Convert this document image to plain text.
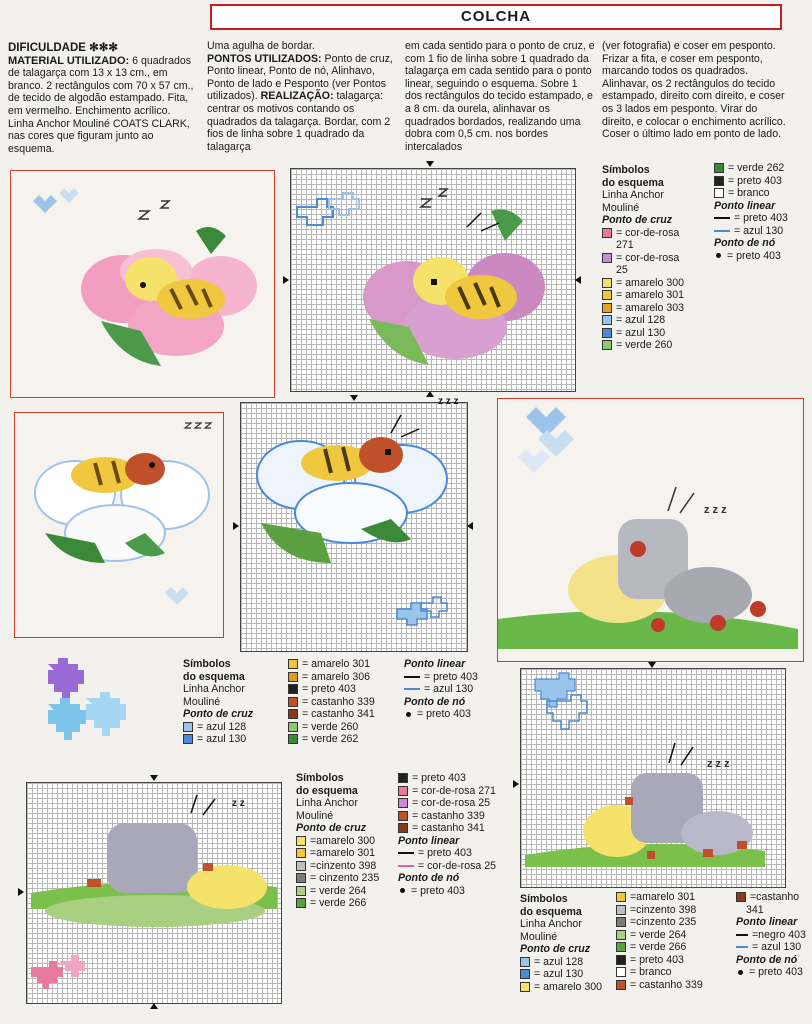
COLCHA
DIFICULDADE ✻✻✻
MATERIAL UTILIZADO: 6 quadrados de talagarça com 13 x 13 cm., em branco. 2 rectângulos com 70 x 57 cm., de tecido de algodão estampado. Fita, em vermelho. Enchimento acrílico. Linha Anchor Mouliné COATS CLARK, nas cores que figuram junto ao esquema.
Uma agulha de bordar.
PONTOS UTILIZADOS: Ponto de cruz, Ponto linear, Ponto de nó, Alinhavo, Ponto de lado e Pesponto (ver Pontos utilizados). REALIZAÇÃO: talagarça: centrar os motivos contando os quadrados da talagarça. Bordar, com 2 fios de linha sobre 1 quadrado da talagarça
em cada sentido para o ponto de cruz, e com 1 fio de linha sobre 1 quadrado da talagarça em cada sentido para o ponto linear, seguindo o esquema. Sobre 1 dos rectângulos do tecido estampado, e a 8 cm. da ourela, alinhavar os quadrados bordados, realizando uma dobra com 0,5 cm. nos bordes intercalados
(ver fotografia) e coser em pesponto. Frizar a fita, e coser em pesponto, marcando todos os quadrados. Alinhavar, os 2 rectângulos do tecido estampado, direito com direito, e coser os 3 lados em pesponto. Virar do direito, e colocar o enchimento acrílico. Coser o último lado em ponto de lado.
Símbolos
do esquema
Linha Anchor
Mouliné
Ponto de cruz
= cor-de-rosa
271
= cor-de-rosa
25
= amarelo 300
= amarelo 301
= amarelo 303
= azul 128
= azul 130
= verde 260
= verde 262
= preto 403
= branco
Ponto linear
= preto 403
= azul 130
Ponto de nó
= preto 403
z z z
z z z
Símbolos
do esquema
Linha Anchor
Mouliné
Ponto de cruz
= azul 128
= azul 130
= amarelo 301
= amarelo 306
= preto 403
= castanho 339
= castanho 341
= verde 260
= verde 262
Ponto linear
= preto 403
= azul 130
Ponto de nó
= preto 403
z z z
z z
Símbolos
do esquema
Linha Anchor
Mouliné
Ponto de cruz
=amarelo 300
=amarelo 301
=cinzento 398
= cinzento 235
= verde 264
= verde 266
= preto 403
= cor-de-rosa 271
= cor-de-rosa 25
= castanho 339
= castanho 341
Ponto linear
= preto 403
= cor-de-rosa 25
Ponto de nó
= preto 403
Símbolos
do esquema
Linha Anchor
Mouliné
Ponto de cruz
= azul 128
= azul 130
= amarelo 300
=amarelo 301
=cinzento 398
=cinzento 235
= verde 264
= verde 266
= preto 403
= branco
= castanho 339
=castanho
341
Ponto linear
=negro 403
= azul 130
Ponto de nó
= preto 403
